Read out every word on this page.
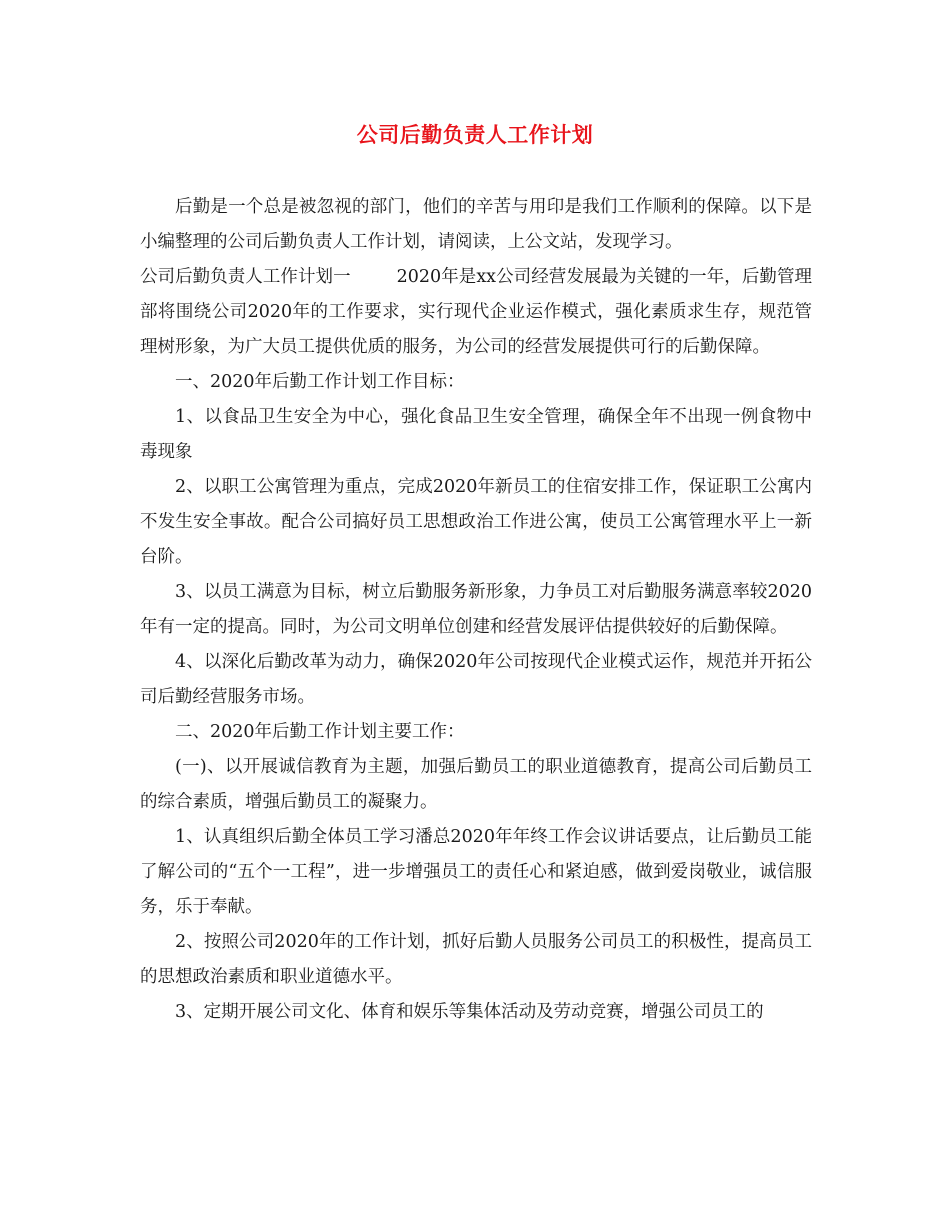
公司后勤负责人工作计划

后勤是一个总是被忽视的部门，他们的辛苦与用印是我们工作顺利的保障。以下是小编整理的公司后勤负责人工作计划，请阅读，上公文站，发现学习。

公司后勤负责人工作计划一	2020年是xx公司经营发展最为关键的一年，后勤管理部将围绕公司2020年的工作要求，实行现代企业运作模式，强化素质求生存，规范管理树形象，为广大员工提供优质的服务，为公司的经营发展提供可行的后勤保障。

一、2020年后勤工作计划工作目标：

1、以食品卫生安全为中心，强化食品卫生安全管理，确保全年不出现一例食物中毒现象

2、以职工公寓管理为重点，完成2020年新员工的住宿安排工作，保证职工公寓内不发生安全事故。配合公司搞好员工思想政治工作进公寓，使员工公寓管理水平上一新台阶。

3、以员工满意为目标，树立后勤服务新形象，力争员工对后勤服务满意率较2020年有一定的提高。同时，为公司文明单位创建和经营发展评估提供较好的后勤保障。

4、以深化后勤改革为动力，确保2020年公司按现代企业模式运作，规范并开拓公司后勤经营服务市场。

二、2020年后勤工作计划主要工作：

(一)、以开展诚信教育为主题，加强后勤员工的职业道德教育，提高公司后勤员工的综合素质，增强后勤员工的凝聚力。

1、认真组织后勤全体员工学习潘总2020年年终工作会议讲话要点，让后勤员工能了解公司的“五个一工程”，进一步增强员工的责任心和紧迫感，做到爱岗敬业，诚信服务，乐于奉献。

2、按照公司2020年的工作计划，抓好后勤人员服务公司员工的积极性，提高员工的思想政治素质和职业道德水平。

3、定期开展公司文化、体育和娱乐等集体活动及劳动竞赛，增强公司员工的
